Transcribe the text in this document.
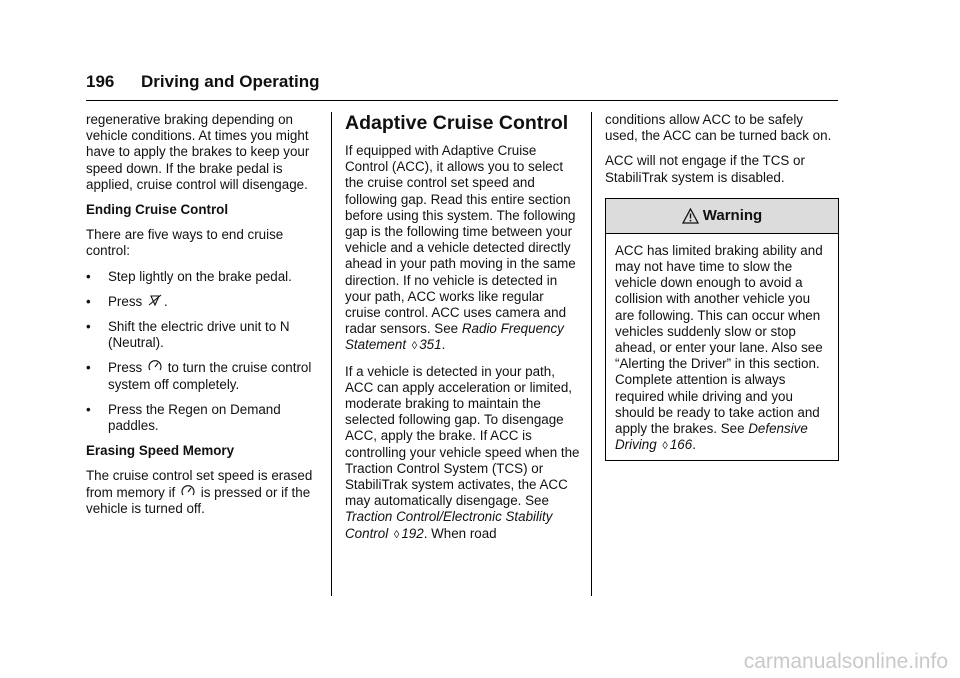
196 Driving and Operating

regenerative braking depending on vehicle conditions. At times you might have to apply the brakes to keep your speed down. If the brake pedal is applied, cruise control will disengage.

Ending Cruise Control

There are five ways to end cruise control:

•	Step lightly on the brake pedal.
•	Press .
•	Shift the electric drive unit to N (Neutral).
•	Press to turn the cruise control system off completely.
•	Press the Regen on Demand paddles.

Erasing Speed Memory

The cruise control set speed is erased from memory if is pressed or if the vehicle is turned off.

Adaptive Cruise Control

If equipped with Adaptive Cruise Control (ACC), it allows you to select the cruise control set speed and following gap. Read this entire section before using this system. The following gap is the following time between your vehicle and a vehicle detected directly ahead in your path moving in the same direction. If no vehicle is detected in your path, ACC works like regular cruise control. ACC uses camera and radar sensors. See Radio Frequency Statement ◊ 351.

If a vehicle is detected in your path, ACC can apply acceleration or limited, moderate braking to maintain the selected following gap. To disengage ACC, apply the brake. If ACC is controlling your vehicle speed when the Traction Control System (TCS) or StabiliTrak system activates, the ACC may automatically disengage. See Traction Control/Electronic Stability Control ◊ 192. When road

conditions allow ACC to be safely used, the ACC can be turned back on.

ACC will not engage if the TCS or StabiliTrak system is disabled.

Warning
ACC has limited braking ability and may not have time to slow the vehicle down enough to avoid a collision with another vehicle you are following. This can occur when vehicles suddenly slow or stop ahead, or enter your lane. Also see “Alerting the Driver” in this section. Complete attention is always required while driving and you should be ready to take action and apply the brakes. See Defensive Driving ◊ 166.
carmanualsonline.info
